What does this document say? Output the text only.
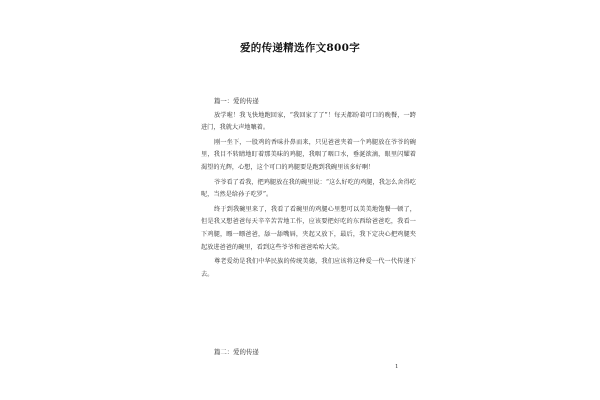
爱的传递精选作文800字
篇一：爱的传递

放学啦！我飞快地跑回家，“我回家了了”！每天都盼着可口的晚餐，一跨进门，我就大声地嚷着。

刚一坐下，一股鸡的香味扑鼻而来，只见爸爸夹着一个鸡腿放在爷爷的碗里，我目不转睛地盯着那美味的鸡腿，我咽了咽口水，垂涎欲滴，眼里闪耀着渴望的光辉，心想，这个可口的鸡腿要是跑到我碗里该多好啊！

爷爷看了看我，把鸡腿放在我的碗里说：“这么好吃的鸡腿，我怎么舍得吃呢，当然是给孙子吃罗”。

终于到我碗里来了，我看了看碗里的鸡腿心里想可以美美地饱餐一顿了，但是我又想爸爸每天辛辛苦苦地工作，应该要把好吃的东西给爸爸吃，我看一下鸡腿，瞟一瞟爸爸，舔一舔嘴唇，夹起又放下，最后，我下定决心把鸡腿夹起放进爸爸的碗里，看到这些爷爷和爸爸哈哈大笑。

尊老爱幼是我们中华民族的传统美德，我们应该将这种爱一代一代传递下去。

篇二：爱的传递
1
